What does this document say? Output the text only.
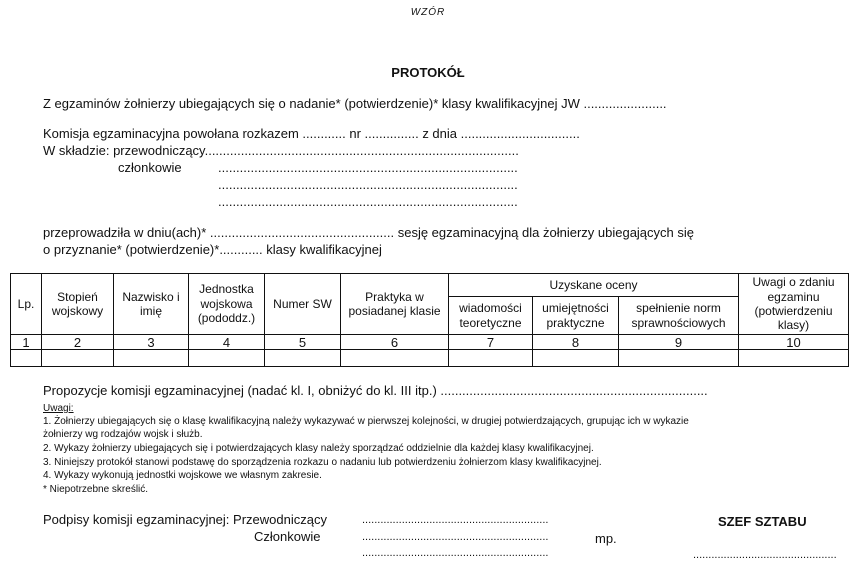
WZÓR
PROTOKÓŁ
Z egzaminów żołnierzy ubiegających się o nadanie* (potwierdzenie)* klasy kwalifikacyjnej JW .......................
Komisja egzaminacyjna powołana rozkazem ............ nr ............... z dnia .................................
W składzie: przewodniczący.......................................................................................
członkowie	...................................................................................
...................................................................................
...................................................................................
przeprowadziła w dniu(ach)* ................................................... sesję egzaminacyjną dla żołnierzy ubiegających się
o przyznanie* (potwierdzenie)*............ klasy kwalifikacyjnej
Lp.	Stopień wojskowy	Nazwisko i imię	Jednostka wojskowa (pododdz.)	Numer SW	Praktyka w posiadanej klasie	Uzyskane oceny			Uwagi o zdaniu egzaminu (potwierdzeniu klasy)
						wiadomości teoretyczne	umiejętności praktyczne	spełnienie norm sprawnościowych	
1	2	3	4	5	6	7	8	9	10

Propozycje komisji egzaminacyjnej (nadać kl. I, obniżyć do kl. III itp.) ..........................................................................
Uwagi:
1. Żołnierzy ubiegających się o klasę kwalifikacyjną należy wykazywać w pierwszej kolejności, w drugiej potwierdzających, grupując ich w wykazie
żołnierzy wg rodzajów wojsk i służb.
2. Wykazy żołnierzy ubiegających się i potwierdzających klasy należy sporządzać oddzielnie dla każdej klasy kwalifikacyjnej.
3. Niniejszy protokół stanowi podstawę do sporządzenia rozkazu o nadaniu lub potwierdzeniu żołnierzom klasy kwalifikacyjnej.
4. Wykazy wykonują jednostki wojskowe we własnym zakresie.
* Niepotrzebne skreślić.
Podpisy komisji egzaminacyjnej: Przewodniczący	.............................................................	SZEF SZTABU
Członkowie	.............................................................	mp.
.............................................................	...............................................
